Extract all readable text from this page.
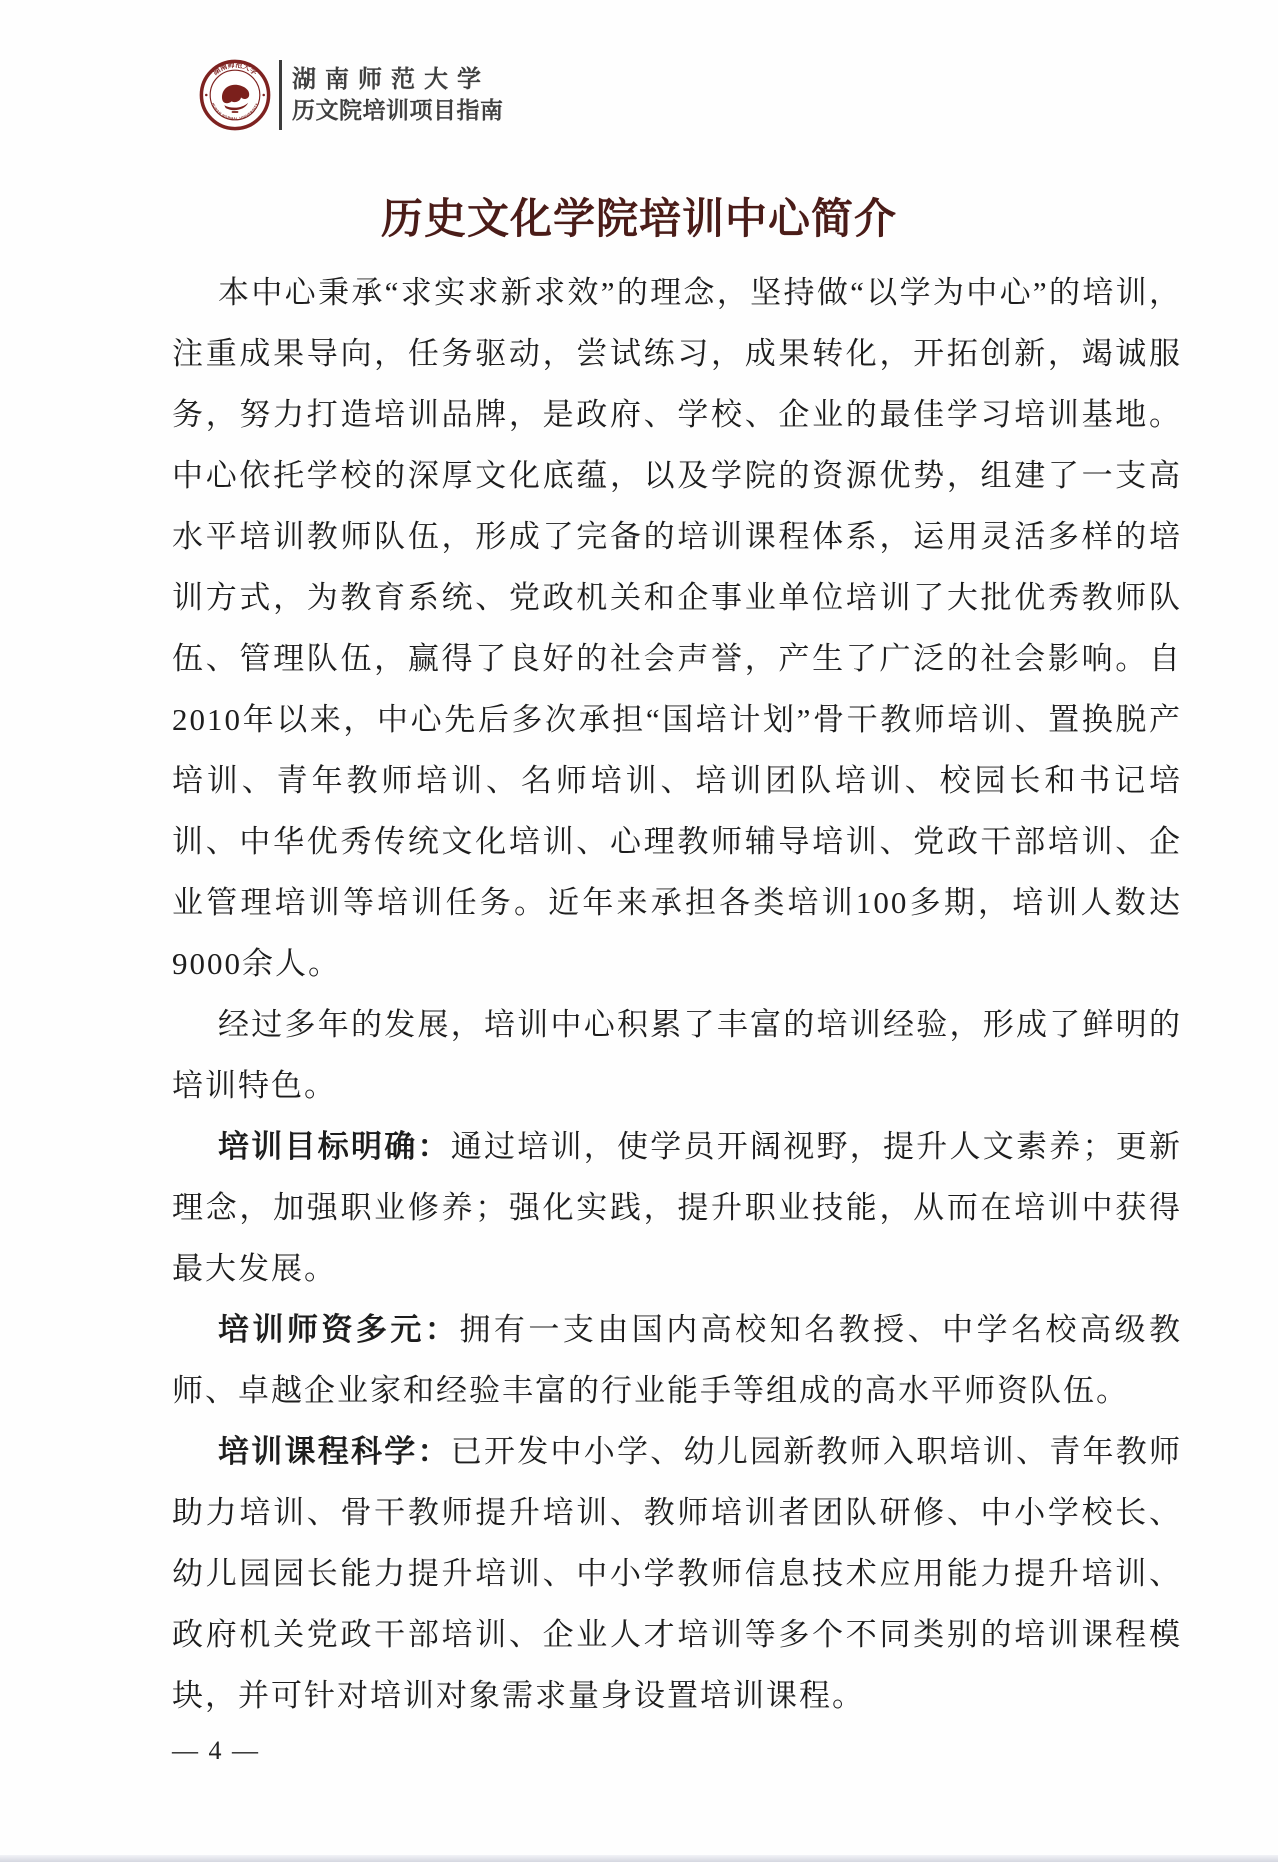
湖南师范大学
HUNAN NORMAL UNIVERSITY
湖南师范大学
历文院培训项目指南
历史文化学院培训中心简介

本中心秉承“求实求新求效”的理念，坚持做“以学为中心”的培训，注重成果导向，任务驱动，尝试练习，成果转化，开拓创新，竭诚服务，努力打造培训品牌，是政府、学校、企业的最佳学习培训基地。中心依托学校的深厚文化底蕴，以及学院的资源优势，组建了一支高水平培训教师队伍，形成了完备的培训课程体系，运用灵活多样的培训方式，为教育系统、党政机关和企事业单位培训了大批优秀教师队伍、管理队伍，赢得了良好的社会声誉，产生了广泛的社会影响。自2010年以来，中心先后多次承担“国培计划”骨干教师培训、置换脱产培训、青年教师培训、名师培训、培训团队培训、校园长和书记培训、中华优秀传统文化培训、心理教师辅导培训、党政干部培训、企业管理培训等培训任务。近年来承担各类培训100多期，培训人数达9000余人。

经过多年的发展，培训中心积累了丰富的培训经验，形成了鲜明的培训特色。

培训目标明确：通过培训，使学员开阔视野，提升人文素养；更新理念，加强职业修养；强化实践，提升职业技能，从而在培训中获得最大发展。

培训师资多元：拥有一支由国内高校知名教授、中学名校高级教师、卓越企业家和经验丰富的行业能手等组成的高水平师资队伍。

培训课程科学：已开发中小学、幼儿园新教师入职培训、青年教师助力培训、骨干教师提升培训、教师培训者团队研修、中小学校长、幼儿园园长能力提升培训、中小学教师信息技术应用能力提升培训、政府机关党政干部培训、企业人才培训等多个不同类别的培训课程模块，并可针对培训对象需求量身设置培训课程。

— 4 —
